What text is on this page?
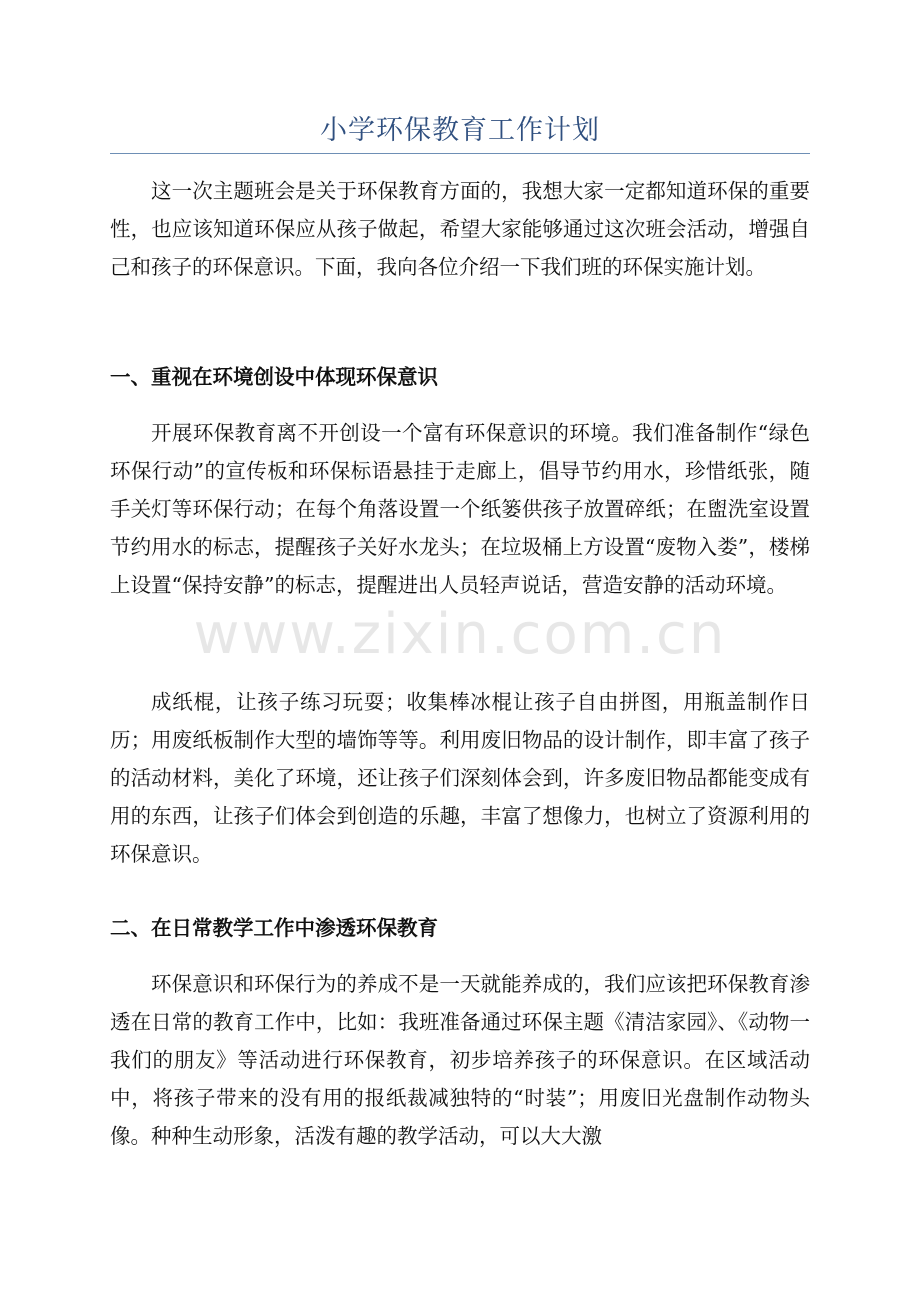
小学环保教育工作计划

这一次主题班会是关于环保教育方面的，我想大家一定都知道环保的重要性，也应该知道环保应从孩子做起，希望大家能够通过这次班会活动，增强自己和孩子的环保意识。下面，我向各位介绍一下我们班的环保实施计划。

一、重视在环境创设中体现环保意识

开展环保教育离不开创设一个富有环保意识的环境。我们准备制作“绿色环保行动”的宣传板和环保标语悬挂于走廊上，倡导节约用水，珍惜纸张，随手关灯等环保行动；在每个角落设置一个纸篓供孩子放置碎纸；在盥洗室设置节约用水的标志，提醒孩子关好水龙头；在垃圾桶上方设置“废物入娄”，楼梯上设置“保持安静”的标志，提醒进出人员轻声说话，营造安静的活动环境。

成纸棍，让孩子练习玩耍；收集棒冰棍让孩子自由拼图，用瓶盖制作日历；用废纸板制作大型的墙饰等等。利用废旧物品的设计制作，即丰富了孩子的活动材料，美化了环境，还让孩子们深刻体会到，许多废旧物品都能变成有用的东西，让孩子们体会到创造的乐趣，丰富了想像力，也树立了资源利用的环保意识。

二、在日常教学工作中渗透环保教育

环保意识和环保行为的养成不是一天就能养成的，我们应该把环保教育渗透在日常的教育工作中，比如：我班准备通过环保主题《清洁家园》、《动物一我们的朋友》等活动进行环保教育，初步培养孩子的环保意识。在区域活动中，将孩子带来的没有用的报纸裁减独特的“时装”；用废旧光盘制作动物头像。种种生动形象，活泼有趣的教学活动，可以大大激

www.zixin.com.cn
